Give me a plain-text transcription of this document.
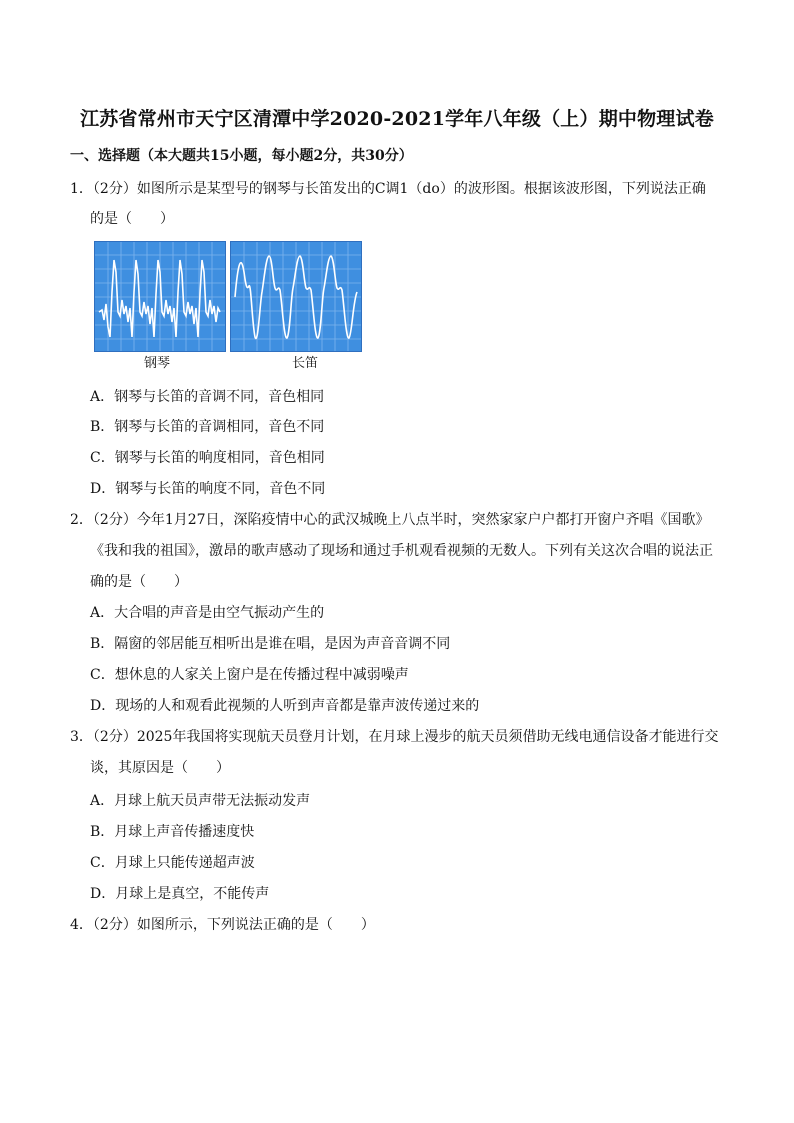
江苏省常州市天宁区清潭中学2020-2021学年八年级（上）期中物理试卷
一、选择题（本大题共15小题，每小题2分，共30分）
1．（2分）如图所示是某型号的钢琴与长笛发出的C调1（do）的波形图。根据该波形图，下列说法正确
的是（　　）
钢琴	长笛
A．钢琴与长笛的音调不同，音色相同
B．钢琴与长笛的音调相同，音色不同
C．钢琴与长笛的响度相同，音色相同
D．钢琴与长笛的响度不同，音色不同
2．（2分）今年1月27日，深陷疫情中心的武汉城晚上八点半时，突然家家户户都打开窗户齐唱《国歌》
《我和我的祖国》，激昂的歌声感动了现场和通过手机观看视频的无数人。下列有关这次合唱的说法正
确的是（　　）
A．大合唱的声音是由空气振动产生的
B．隔窗的邻居能互相听出是谁在唱，是因为声音音调不同
C．想休息的人家关上窗户是在传播过程中减弱噪声
D．现场的人和观看此视频的人听到声音都是靠声波传递过来的
3．（2分）2025年我国将实现航天员登月计划，在月球上漫步的航天员须借助无线电通信设备才能进行交
谈，其原因是（　　）
A．月球上航天员声带无法振动发声
B．月球上声音传播速度快
C．月球上只能传递超声波
D．月球上是真空，不能传声
4．（2分）如图所示，下列说法正确的是（　　）
